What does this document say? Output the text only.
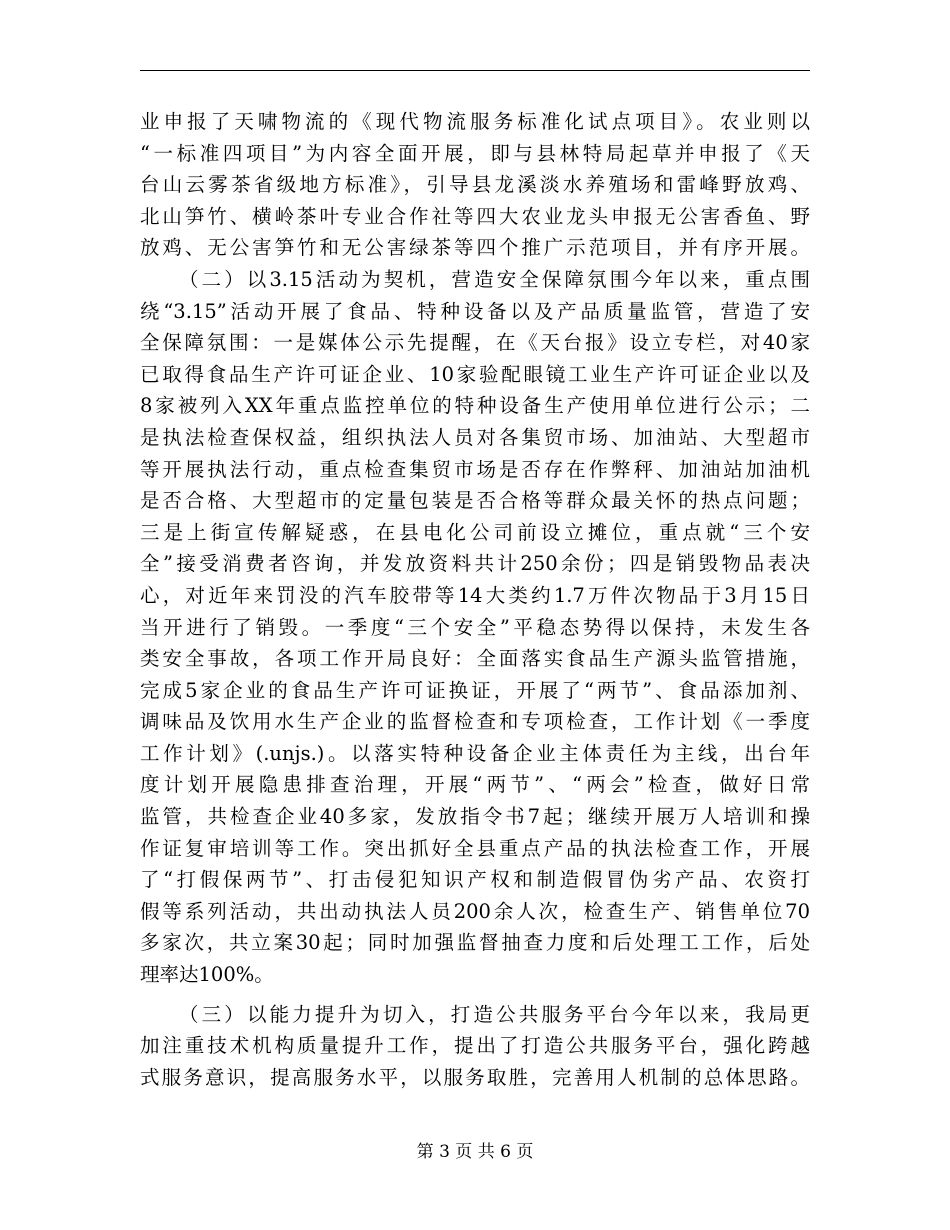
业申报了天啸物流的《现代物流服务标准化试点项目》。农业则以
“一标准四项目”为内容全面开展，即与县林特局起草并申报了《天
台山云雾茶省级地方标准》，引导县龙溪淡水养殖场和雷峰野放鸡、
北山笋竹、横岭茶叶专业合作社等四大农业龙头申报无公害香鱼、野
放鸡、无公害笋竹和无公害绿茶等四个推广示范项目，并有序开展。
（二）以3.15活动为契机，营造安全保障氛围今年以来，重点围
绕“3.15”活动开展了食品、特种设备以及产品质量监管，营造了安
全保障氛围：一是媒体公示先提醒，在《天台报》设立专栏，对40家
已取得食品生产许可证企业、10家验配眼镜工业生产许可证企业以及
8家被列入XX年重点监控单位的特种设备生产使用单位进行公示；二
是执法检查保权益，组织执法人员对各集贸市场、加油站、大型超市
等开展执法行动，重点检查集贸市场是否存在作弊秤、加油站加油机
是否合格、大型超市的定量包装是否合格等群众最关怀的热点问题；
三是上街宣传解疑惑，在县电化公司前设立摊位，重点就“三个安
全”接受消费者咨询，并发放资料共计250余份；四是销毁物品表决
心，对近年来罚没的汽车胶带等14大类约1.7万件次物品于3月15日
当开进行了销毁。一季度“三个安全”平稳态势得以保持，未发生各
类安全事故，各项工作开局良好：全面落实食品生产源头监管措施，
完成5家企业的食品生产许可证换证，开展了“两节”、食品添加剂、
调味品及饮用水生产企业的监督检查和专项检查，工作计划《一季度
工作计划》(.unjs.)。以落实特种设备企业主体责任为主线，出台年
度计划开展隐患排查治理，开展“两节”、“两会”检查，做好日常
监管，共检查企业40多家，发放指令书7起；继续开展万人培训和操
作证复审培训等工作。突出抓好全县重点产品的执法检查工作，开展
了“打假保两节”、打击侵犯知识产权和制造假冒伪劣产品、农资打
假等系列活动，共出动执法人员200余人次，检查生产、销售单位70
多家次，共立案30起；同时加强监督抽查力度和后处理工工作，后处
理率达100%。
（三）以能力提升为切入，打造公共服务平台今年以来，我局更
加注重技术机构质量提升工作，提出了打造公共服务平台，强化跨越
式服务意识，提高服务水平，以服务取胜，完善用人机制的总体思路。
第 3 页 共 6 页
